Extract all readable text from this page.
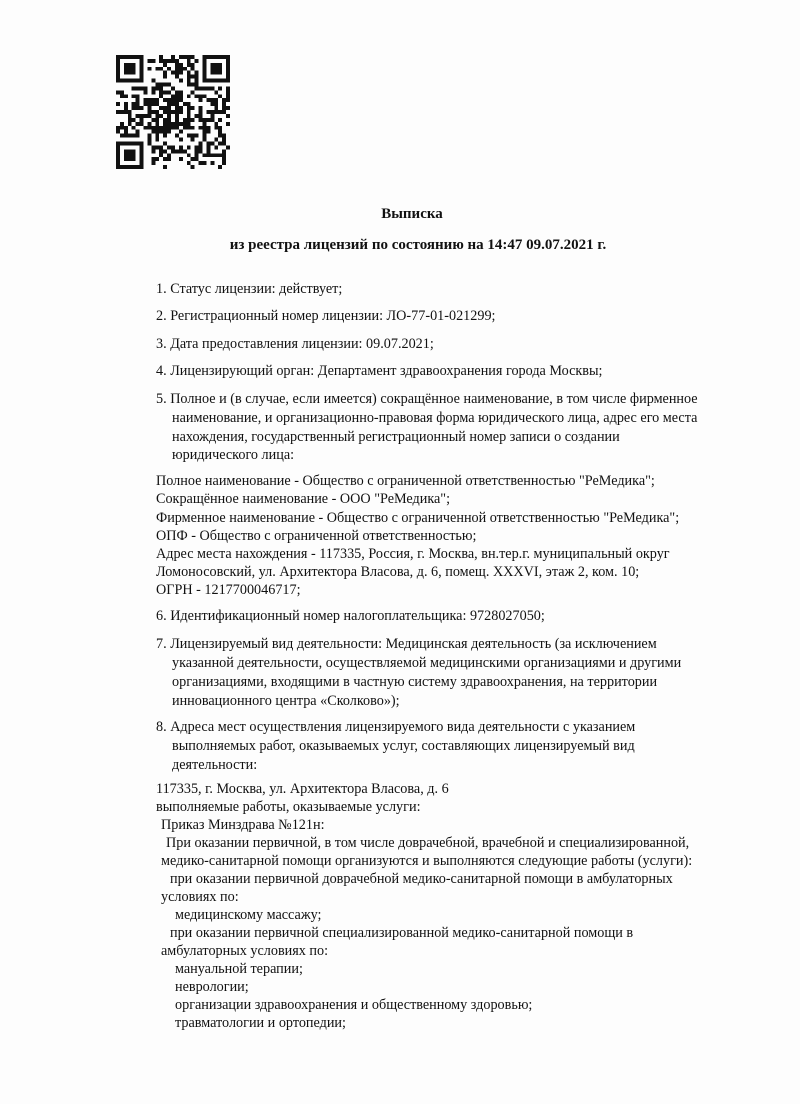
Выписка
из реестра лицензий по состоянию на 14:47 09.07.2021 г.
1. Статус лицензии: действует;
2. Регистрационный номер лицензии: ЛО-77-01-021299;
3. Дата предоставления лицензии: 09.07.2021;
4. Лицензирующий орган: Департамент здравоохранения города Москвы;
5. Полное и (в случае, если имеется) сокращённое наименование, в том числе фирменное
наименование, и организационно-правовая форма юридического лица, адрес его места
нахождения, государственный регистрационный номер записи о создании
юридического лица:
Полное наименование - Общество с ограниченной ответственностью "РеМедика";
Сокращённое наименование - ООО "РеМедика";
Фирменное наименование - Общество с ограниченной ответственностью "РеМедика";
ОПФ - Общество с ограниченной ответственностью;
Адрес места нахождения - 117335, Россия, г. Москва, вн.тер.г. муниципальный округ
Ломоносовский, ул. Архитектора Власова, д. 6, помещ. XXXVI, этаж 2, ком. 10;
ОГРН - 1217700046717;
6. Идентификационный номер налогоплательщика: 9728027050;
7. Лицензируемый вид деятельности: Медицинская деятельность (за исключением
указанной деятельности, осуществляемой медицинскими организациями и другими
организациями, входящими в частную систему здравоохранения, на территории
инновационного центра «Сколково»);
8. Адреса мест осуществления лицензируемого вида деятельности с указанием
выполняемых работ, оказываемых услуг, составляющих лицензируемый вид
деятельности:
117335, г. Москва, ул. Архитектора Власова, д. 6
выполняемые работы, оказываемые услуги:
Приказ Минздрава №121н:
При оказании первичной, в том числе доврачебной, врачебной и специализированной,
медико-санитарной помощи организуются и выполняются следующие работы (услуги):
при оказании первичной доврачебной медико-санитарной помощи в амбулаторных
условиях по:
медицинскому массажу;
при оказании первичной специализированной медико-санитарной помощи в
амбулаторных условиях по:
мануальной терапии;
неврологии;
организации здравоохранения и общественному здоровью;
травматологии и ортопедии;
